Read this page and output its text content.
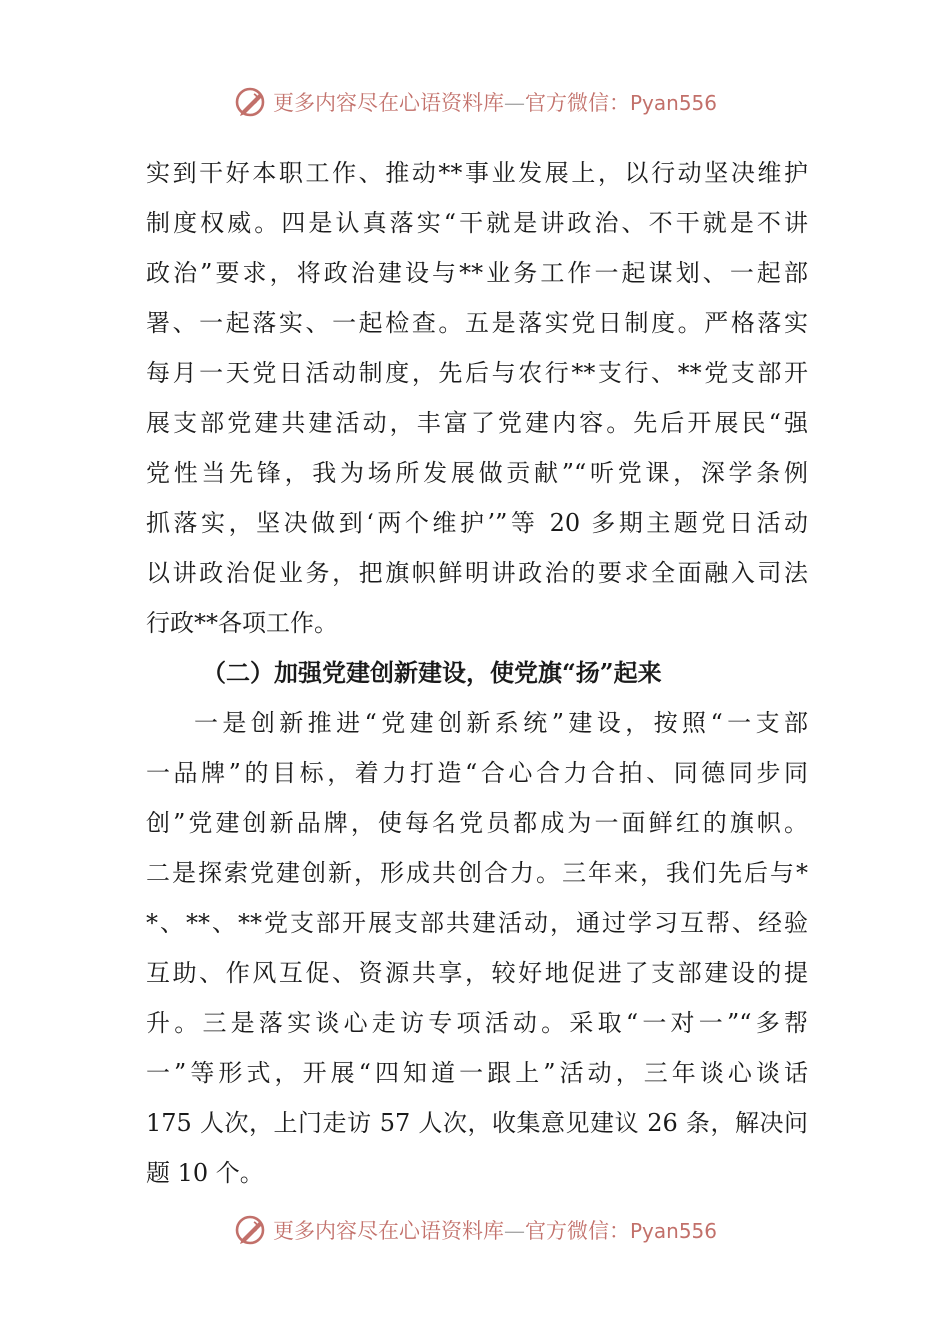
更多内容尽在心语资料库—官方微信：Pyan556
实到干好本职工作、推动**事业发展上，以行动坚决维护
制度权威。四是认真落实“干就是讲政治、不干就是不讲
政治”要求，将政治建设与**业务工作一起谋划、一起部
署、一起落实、一起检查。五是落实党日制度。严格落实
每月一天党日活动制度，先后与农行**支行、**党支部开
展支部党建共建活动，丰富了党建内容。先后开展民“强
党性当先锋，我为场所发展做贡献”“听党课，深学条例
抓落实，坚决做到‘两个维护’”等 20 多期主题党日活动
以讲政治促业务，把旗帜鲜明讲政治的要求全面融入司法
行政**各项工作。
（二）加强党建创新建设，使党旗“扬”起来
一是创新推进“党建创新系统”建设，按照“一支部
一品牌”的目标，着力打造“合心合力合拍、同德同步同
创”党建创新品牌，使每名党员都成为一面鲜红的旗帜。
二是探索党建创新，形成共创合力。三年来，我们先后与*
*、**、**党支部开展支部共建活动，通过学习互帮、经验
互助、作风互促、资源共享，较好地促进了支部建设的提
升。三是落实谈心走访专项活动。采取“一对一”“多帮
一”等形式，开展“四知道一跟上”活动，三年谈心谈话
175 人次，上门走访 57 人次，收集意见建议 26 条，解决问
题 10 个。
更多内容尽在心语资料库—官方微信：Pyan556
